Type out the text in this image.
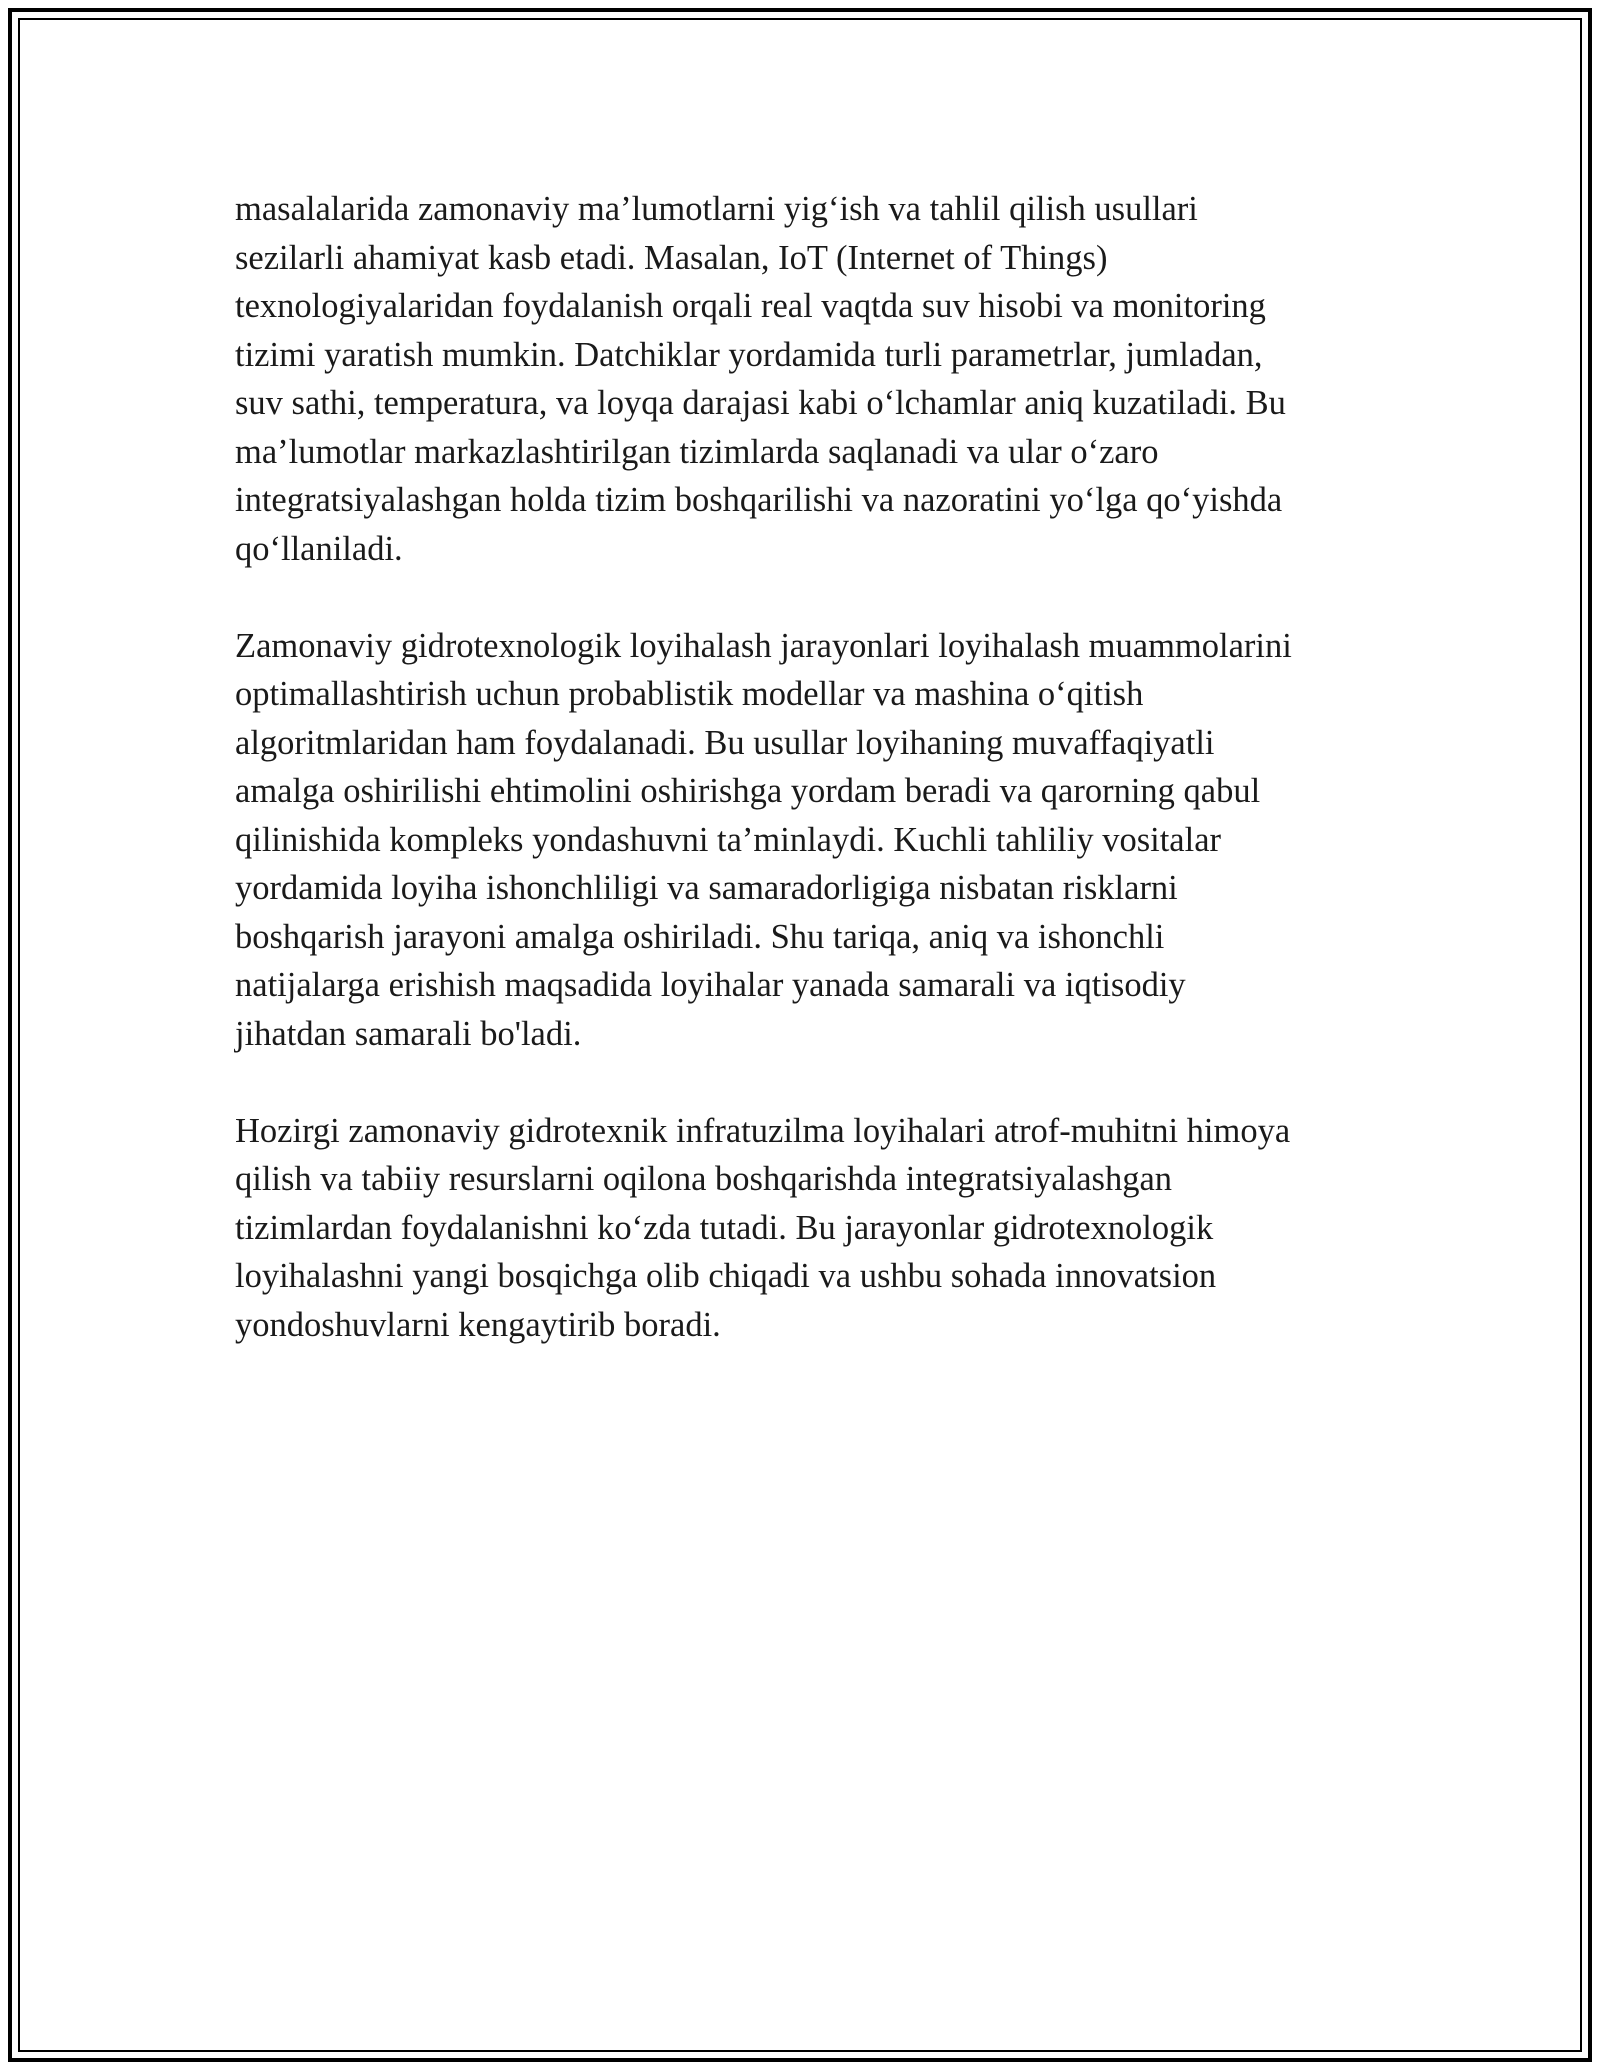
masalalarida zamonaviy ma’lumotlarni yig‘ish va tahlil qilish usullari
sezilarli ahamiyat kasb etadi. Masalan, IoT (Internet of Things)
texnologiyalaridan foydalanish orqali real vaqtda suv hisobi va monitoring
tizimi yaratish mumkin. Datchiklar yordamida turli parametrlar, jumladan,
suv sathi, temperatura, va loyqa darajasi kabi o‘lchamlar aniq kuzatiladi. Bu
ma’lumotlar markazlashtirilgan tizimlarda saqlanadi va ular o‘zaro
integratsiyalashgan holda tizim boshqarilishi va nazoratini yo‘lga qo‘yishda
qo‘llaniladi.

Zamonaviy gidrotexnologik loyihalash jarayonlari loyihalash muammolarini
optimallashtirish uchun probablistik modellar va mashina o‘qitish
algoritmlaridan ham foydalanadi. Bu usullar loyihaning muvaffaqiyatli
amalga oshirilishi ehtimolini oshirishga yordam beradi va qarorning qabul
qilinishida kompleks yondashuvni ta’minlaydi. Kuchli tahliliy vositalar
yordamida loyiha ishonchliligi va samaradorligiga nisbatan risklarni
boshqarish jarayoni amalga oshiriladi. Shu tariqa, aniq va ishonchli
natijalarga erishish maqsadida loyihalar yanada samarali va iqtisodiy
jihatdan samarali bo'ladi.

Hozirgi zamonaviy gidrotexnik infratuzilma loyihalari atrof-muhitni himoya
qilish va tabiiy resurslarni oqilona boshqarishda integratsiyalashgan
tizimlardan foydalanishni ko‘zda tutadi. Bu jarayonlar gidrotexnologik
loyihalashni yangi bosqichga olib chiqadi va ushbu sohada innovatsion
yondoshuvlarni kengaytirib boradi.
